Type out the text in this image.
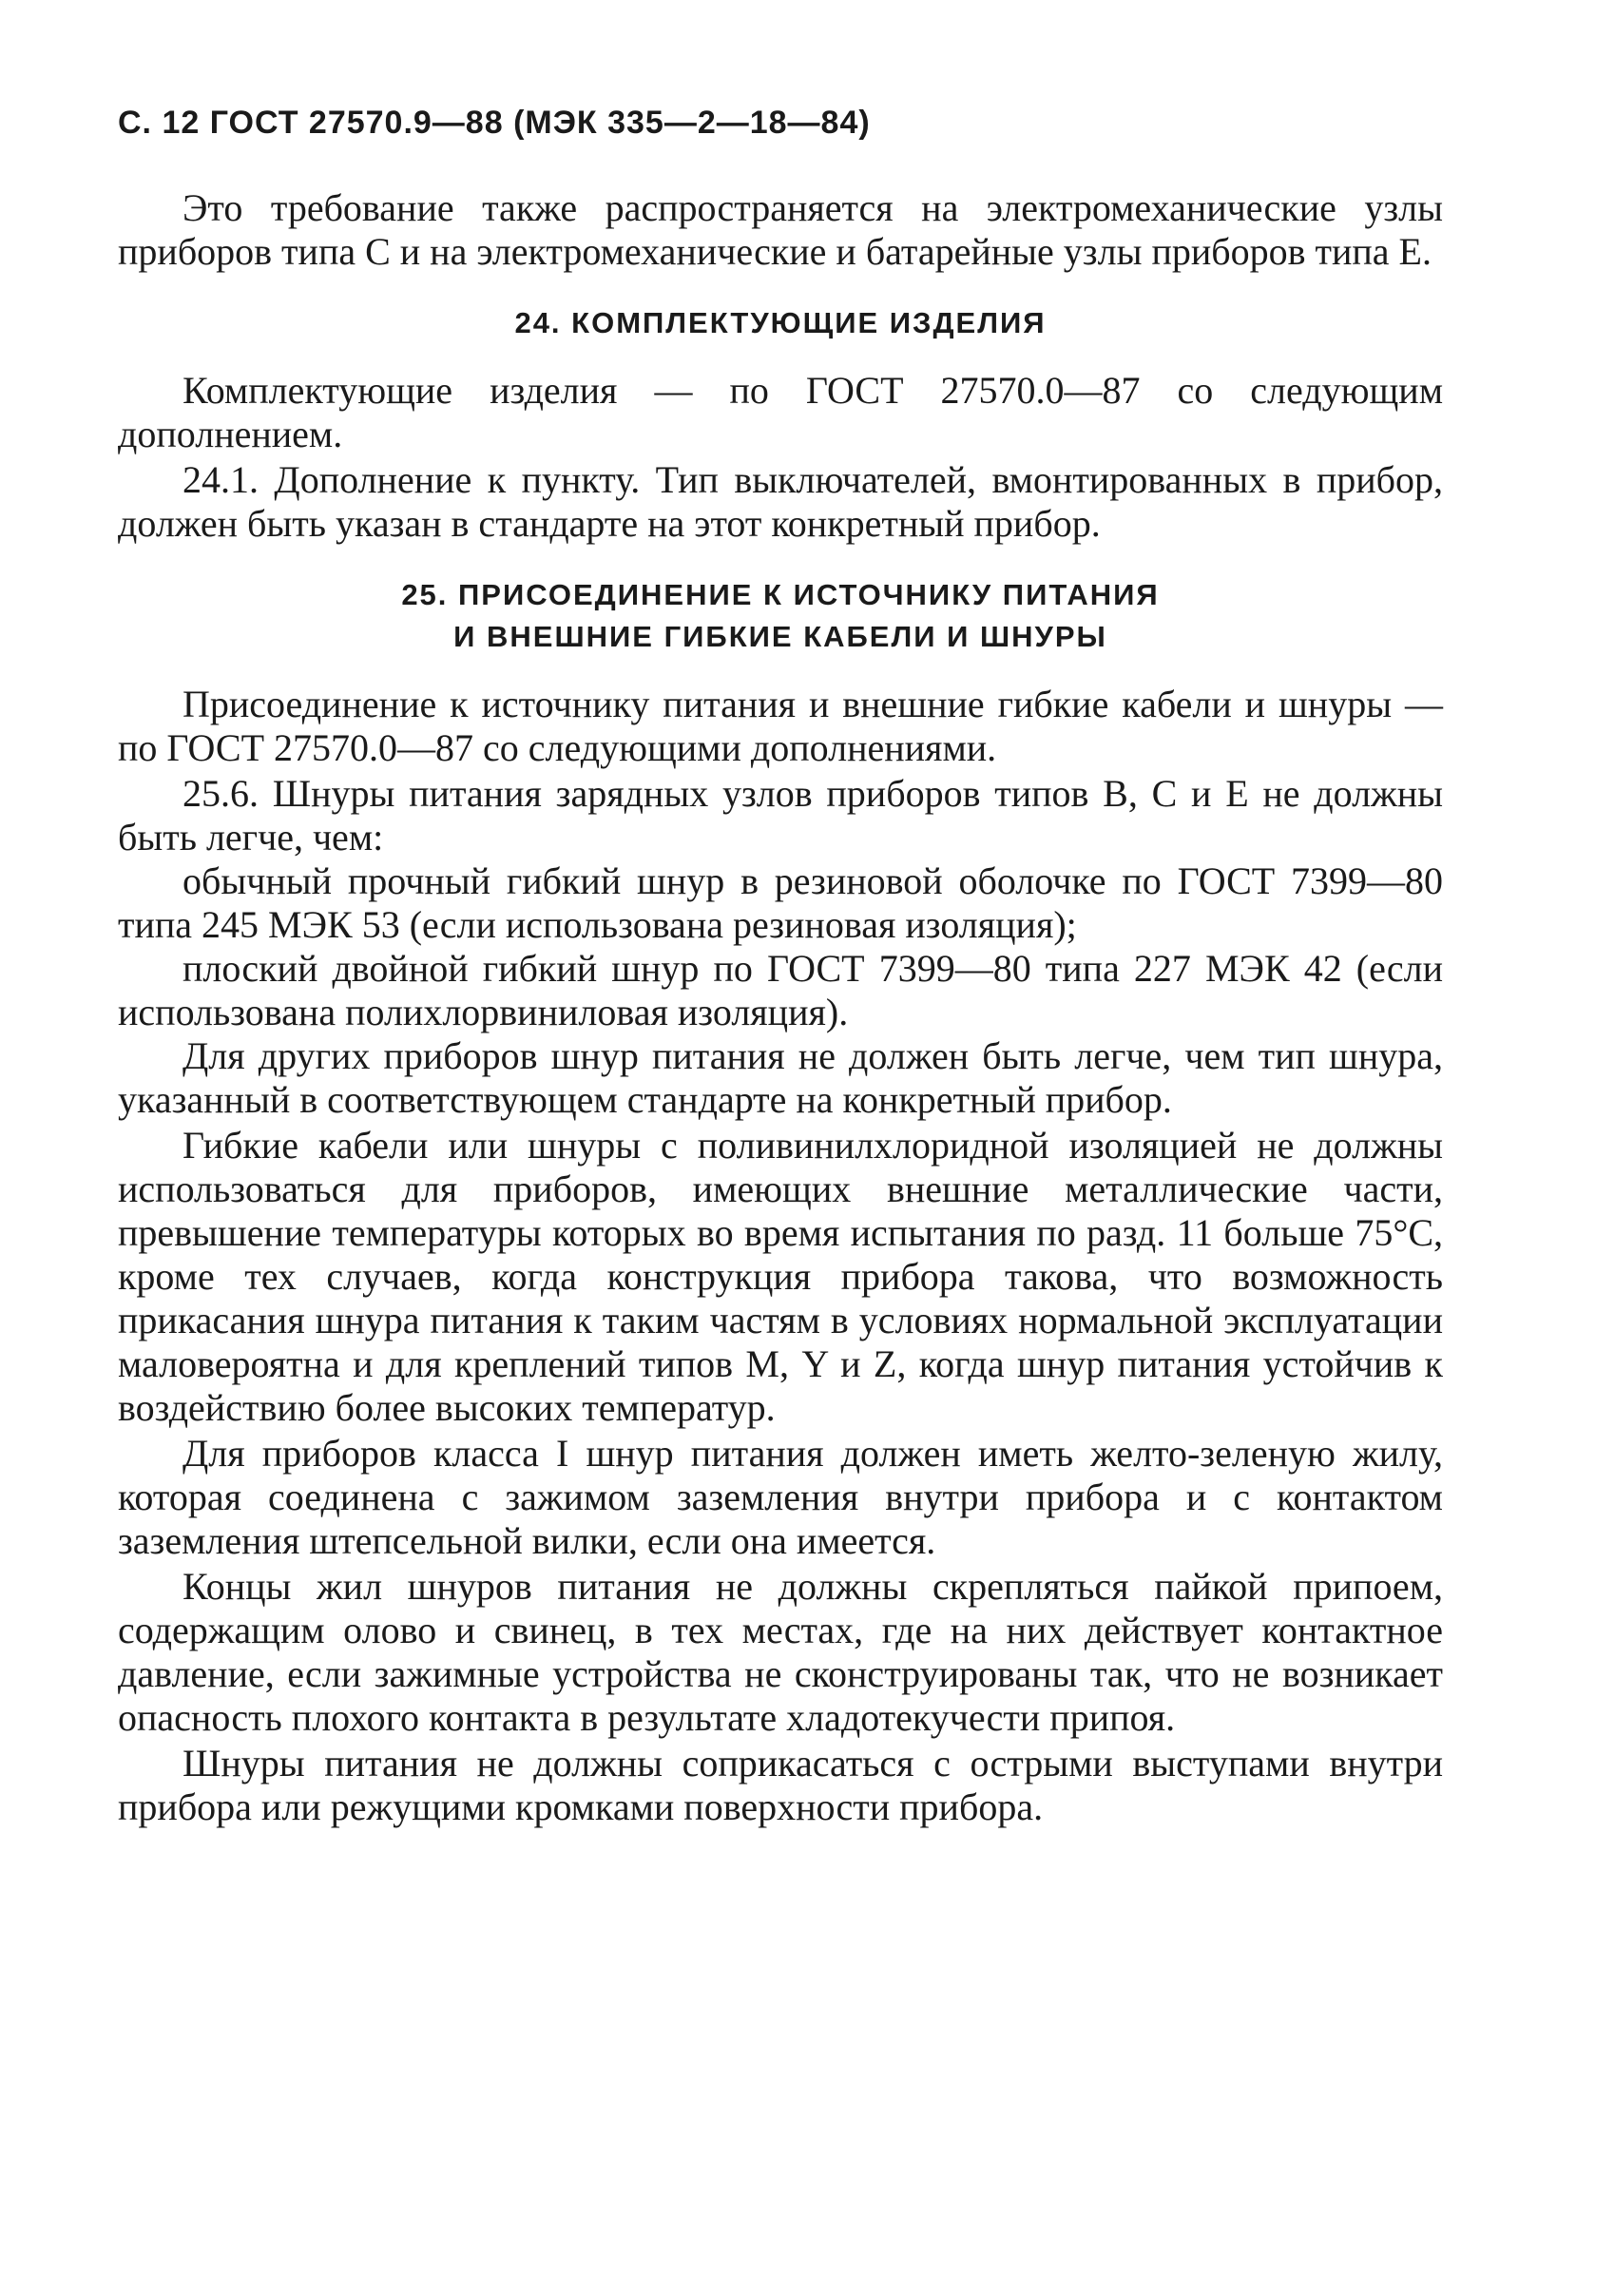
С. 12 ГОСТ 27570.9—88 (МЭК 335—2—18—84)

Это требование также распространяется на электромеханические узлы приборов типа С и на электромеханические и батарейные узлы приборов типа Е.

24. КОМПЛЕКТУЮЩИЕ ИЗДЕЛИЯ

Комплектующие изделия — по ГОСТ 27570.0—87 со следующим дополнением.

24.1. Дополнение к пункту. Тип выключателей, вмонтированных в прибор, должен быть указан в стандарте на этот конкретный прибор.

25. ПРИСОЕДИНЕНИЕ К ИСТОЧНИКУ ПИТАНИЯ
И ВНЕШНИЕ ГИБКИЕ КАБЕЛИ И ШНУРЫ

Присоединение к источнику питания и внешние гибкие кабели и шнуры — по ГОСТ 27570.0—87 со следующими дополнениями.

25.6. Шнуры питания зарядных узлов приборов типов В, С и Е не должны быть легче, чем:

обычный прочный гибкий шнур в резиновой оболочке по ГОСТ 7399—80 типа 245 МЭК 53 (если использована резиновая изоляция);

плоский двойной гибкий шнур по ГОСТ 7399—80 типа 227 МЭК 42 (если использована полихлорвиниловая изоляция).

Для других приборов шнур питания не должен быть легче, чем тип шнура, указанный в соответствующем стандарте на конкретный прибор.

Гибкие кабели или шнуры с поливинилхлоридной изоляцией не должны использоваться для приборов, имеющих внешние металлические части, превышение температуры которых во время испытания по разд. 11 больше 75°С, кроме тех случаев, когда конструкция прибора такова, что возможность прикасания шнура питания к таким частям в условиях нормальной эксплуатации маловероятна и для креплений типов М, Y и Z, когда шнур питания устойчив к воздействию более высоких температур.

Для приборов класса I шнур питания должен иметь желто-зеленую жилу, которая соединена с зажимом заземления внутри прибора и с контактом заземления штепсельной вилки, если она имеется.

Концы жил шнуров питания не должны скрепляться пайкой припоем, содержащим олово и свинец, в тех местах, где на них действует контактное давление, если зажимные устройства не сконструированы так, что не возникает опасность плохого контакта в результате хладотекучести припоя.

Шнуры питания не должны соприкасаться с острыми выступами внутри прибора или режущими кромками поверхности прибора.
